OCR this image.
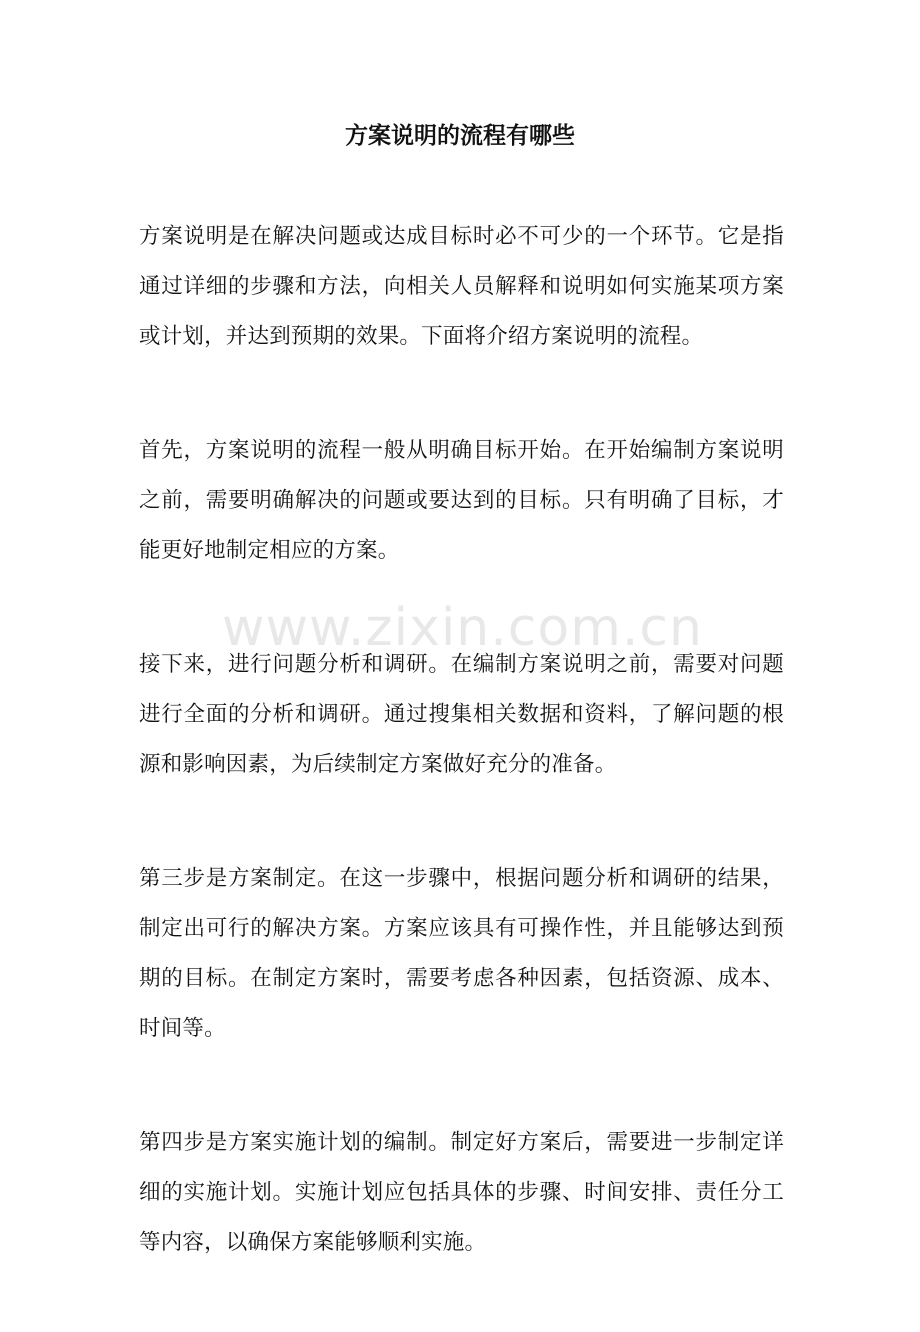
方案说明的流程有哪些

方案说明是在解决问题或达成目标时必不可少的一个环节。它是指通过详细的步骤和方法，向相关人员解释和说明如何实施某项方案或计划，并达到预期的效果。下面将介绍方案说明的流程。

首先，方案说明的流程一般从明确目标开始。在开始编制方案说明之前，需要明确解决的问题或要达到的目标。只有明确了目标，才能更好地制定相应的方案。

接下来，进行问题分析和调研。在编制方案说明之前，需要对问题进行全面的分析和调研。通过搜集相关数据和资料，了解问题的根源和影响因素，为后续制定方案做好充分的准备。

第三步是方案制定。在这一步骤中，根据问题分析和调研的结果，制定出可行的解决方案。方案应该具有可操作性，并且能够达到预期的目标。在制定方案时，需要考虑各种因素，包括资源、成本、时间等。

第四步是方案实施计划的编制。制定好方案后，需要进一步制定详细的实施计划。实施计划应包括具体的步骤、时间安排、责任分工等内容，以确保方案能够顺利实施。

www.zixin.com.cn
